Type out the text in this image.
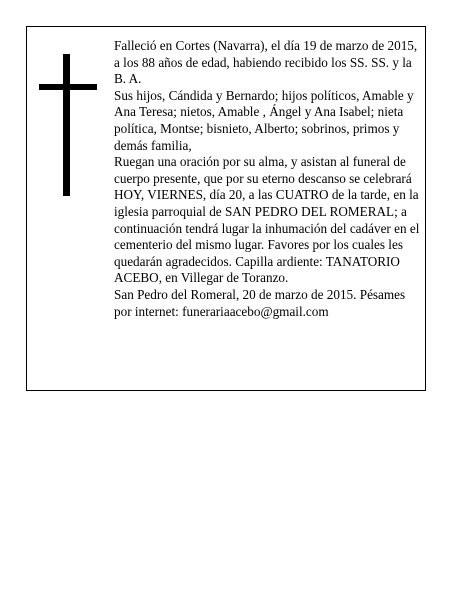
Falleció en Cortes (Navarra), el día 19 de marzo de 2015, a los 88 años de edad, habiendo recibido los SS. SS. y la B. A.

Sus hijos, Cándida y Bernardo; hijos políticos, Amable y Ana Teresa; nietos, Amable , Ángel y Ana Isabel; nieta política, Montse; bisnieto, Alberto; sobrinos, primos y demás familia,

Ruegan una oración por su alma, y asistan al funeral de cuerpo presente, que por su eterno descanso se celebrará HOY, VIERNES, día 20, a las CUATRO de la tarde, en la iglesia parroquial de SAN PEDRO DEL ROMERAL; a continuación tendrá lugar la inhumación del cadáver en el cementerio del mismo lugar. Favores por los cuales les quedarán agradecidos. Capilla ardiente: TANATORIO ACEBO, en Villegar de Toranzo.

San Pedro del Romeral, 20 de marzo de 2015. Pésames por internet: funerariaacebo@gmail.com
